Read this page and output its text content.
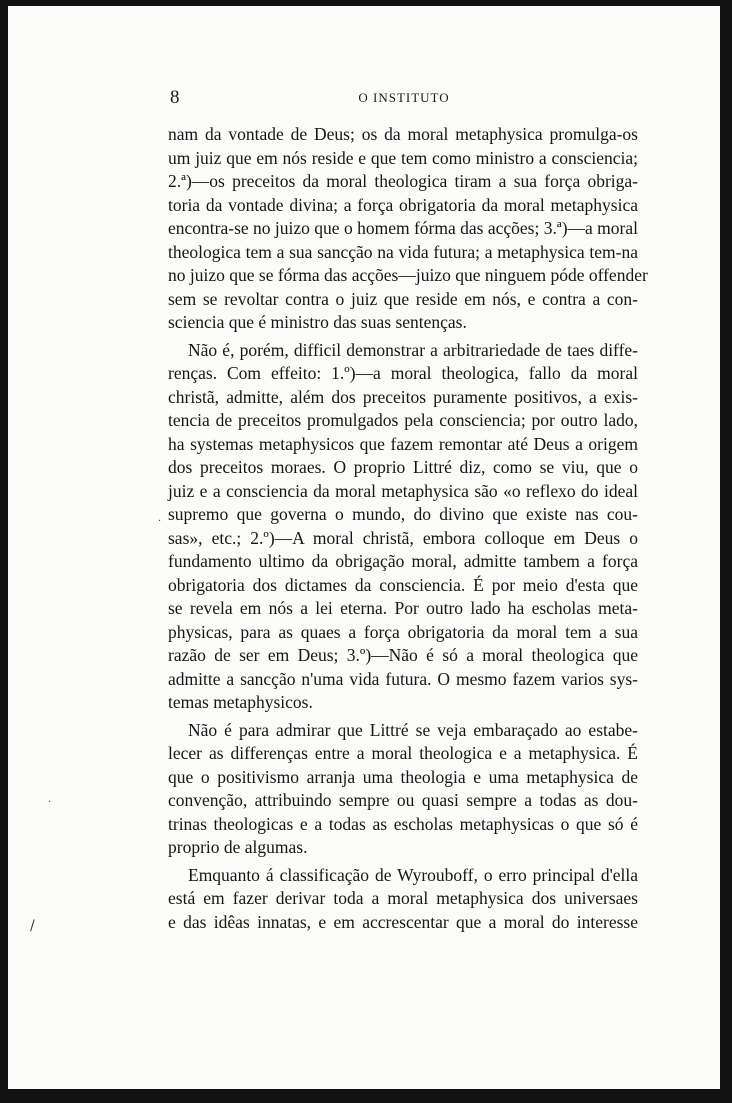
8	O INSTITUTO
nam da vontade de Deus; os da moral metaphysica promulga-os
um juiz que em nós reside e que tem como ministro a consciencia;
2.ª)—os preceitos da moral theologica tiram a sua força obriga-
toria da vontade divina; a força obrigatoria da moral metaphysica
encontra-se no juizo que o homem fórma das acções; 3.ª)—a moral
theologica tem a sua sancção na vida futura; a metaphysica tem-na
no juizo que se fórma das acções—juizo que ninguem póde offender
sem se revoltar contra o juiz que reside em nós, e contra a con-
sciencia que é ministro das suas sentenças.
Não é, porém, difficil demonstrar a arbitrariedade de taes diffe-
renças. Com effeito: 1.º)—a moral theologica, fallo da moral
christã, admitte, além dos preceitos puramente positivos, a exis-
tencia de preceitos promulgados pela consciencia; por outro lado,
ha systemas metaphysicos que fazem remontar até Deus a origem
dos preceitos moraes. O proprio Littré diz, como se viu, que o
juiz e a consciencia da moral metaphysica são «o reflexo do ideal
supremo que governa o mundo, do divino que existe nas cou-
sas», etc.; 2.º)—A moral christã, embora colloque em Deus o
fundamento ultimo da obrigação moral, admitte tambem a força
obrigatoria dos dictames da consciencia. É por meio d'esta que
se revela em nós a lei eterna. Por outro lado ha escholas meta-
physicas, para as quaes a força obrigatoria da moral tem a sua
razão de ser em Deus; 3.º)—Não é só a moral theologica que
admitte a sancção n'uma vida futura. O mesmo fazem varios sys-
temas metaphysicos.
Não é para admirar que Littré se veja embaraçado ao estabe-
lecer as differenças entre a moral theologica e a metaphysica. É
que o positivismo arranja uma theologia e uma metaphysica de
convenção, attribuindo sempre ou quasi sempre a todas as dou-
trinas theologicas e a todas as escholas metaphysicas o que só é
proprio de algumas.
Emquanto á classificação de Wyrouboff, o erro principal d'ella
está em fazer derivar toda a moral metaphysica dos universaes
e das idêas innatas, e em accrescentar que a moral do interesse
/
·
·
